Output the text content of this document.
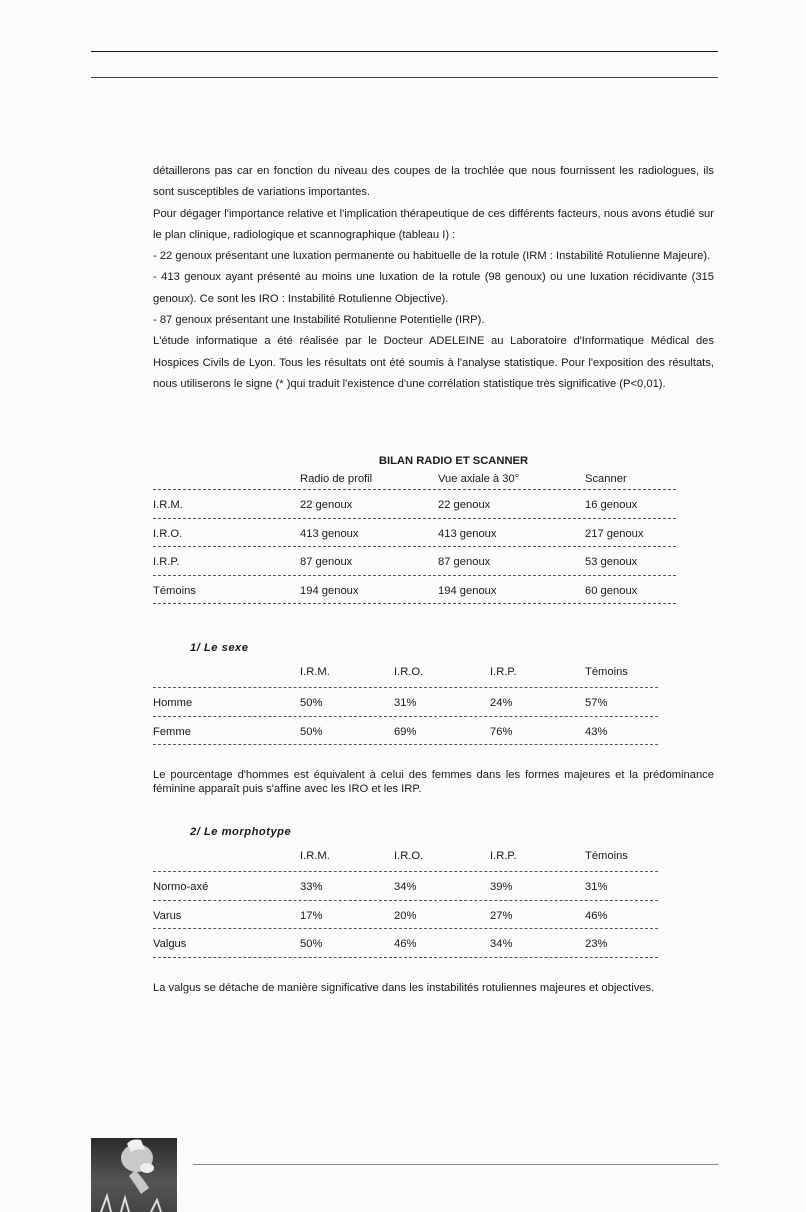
détaillerons pas car en fonction du niveau des coupes de la trochlée que nous fournissent les radiologues, ils sont susceptibles de variations importantes.

Pour dégager l'importance relative et l'implication thérapeutique de ces différents facteurs, nous avons étudié sur le plan clinique, radiologique et scannographique (tableau I) :

- 22 genoux présentant une luxation permanente ou habituelle de la rotule (IRM : Instabilité Rotulienne Majeure).

- 413 genoux ayant présenté au moins une luxation de la rotule (98 genoux) ou une luxation récidivante (315 genoux). Ce sont les IRO : Instabilité Rotulienne Objective).

- 87 genoux présentant une Instabilité Rotulienne Potentielle (IRP).

L'étude informatique a été réalisée par le Docteur ADELEINE au Laboratoire d'Informatique Médical des Hospices Civils de Lyon. Tous les résultats ont été soumis à l'analyse statistique. Pour l'exposition des résultats, nous utiliserons le signe (* )qui traduit l'existence d'une corrélation statistique très significative (P<0,01).

BILAN RADIO ET SCANNER
Radio de profil	Vue axiale à 30°	Scanner
I.R.M.	22 genoux	22 genoux	16 genoux
I.R.O.	413 genoux	413 genoux	217 genoux
I.R.P.	87 genoux	87 genoux	53 genoux
Témoins	194 genoux	194 genoux	60 genoux
1/ Le sexe
I.R.M.	I.R.O.	I.R.P.	Témoins
Homme	50%	31%	24%	57%
Femme	50%	69%	76%	43%

Le pourcentage d'hommes est équivalent à celui des femmes dans les formes majeures et la prédominance féminine apparaît puis s'affine avec les IRO et les IRP.

2/ Le morphotype
I.R.M.	I.R.O.	I.R.P.	Témoins
Normo-axé	33%	34%	39%	31%
Varus	17%	20%	27%	46%
Valgus	50%	46%	34%	23%

La valgus se détache de manière significative dans les instabilités rotuliennes majeures et objectives.
